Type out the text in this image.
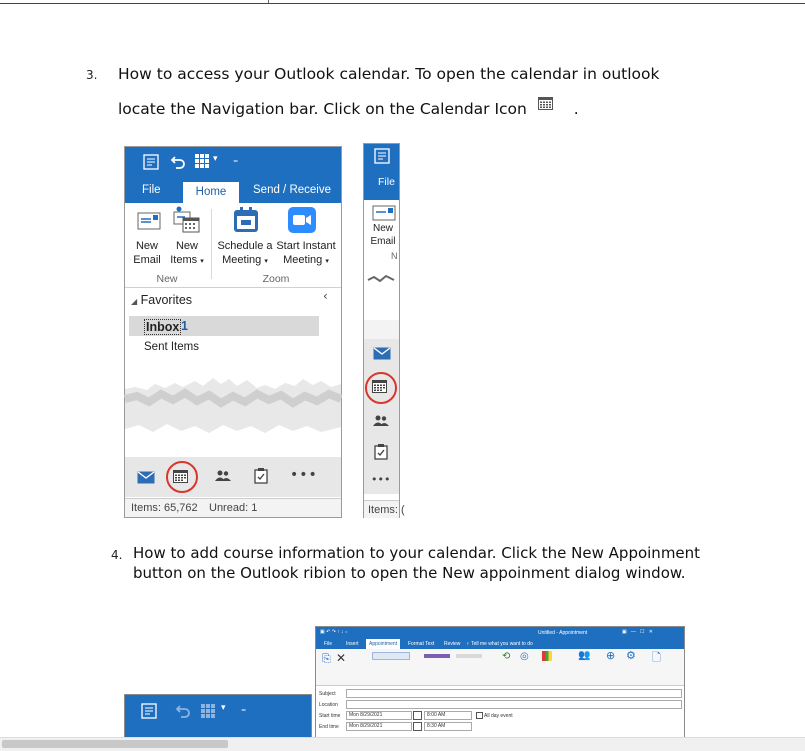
3. How to access your Outlook calendar. To open the calendar in outlook
locate the Navigation bar. Click on the Calendar Icon	.
▾ ₌
File	Home	Send / Receive
New
Email
New
Items ▾
Schedule a
Meeting ▾
Start Instant
Meeting ▾
New	Zoom
◢ Favorites	‹
Inbox 1
Sent Items
•••
Items: 65,762 Unread: 1
File
New
Email
N
•••
Items: (
4. How to add course information to your calendar. Click the New Appoinment button on the Outlook ribion to open the New appoinment dialog window.
▣ ↶ ↷ ↑ ↓ ₌	Untitled - Appointment	▣   —   ☐   ✕
File	Insert	Appointment	Format Text Review ♀ Tell me what you want to do
⎘ ✕	⟲ ◎	👥 ⊕ ⚙ 🗋
Subject
Location
Start time	Mon 8/29/2021	8:00 AM	All day event
End time	Mon 8/29/2021	8:30 AM
▾ ₌
